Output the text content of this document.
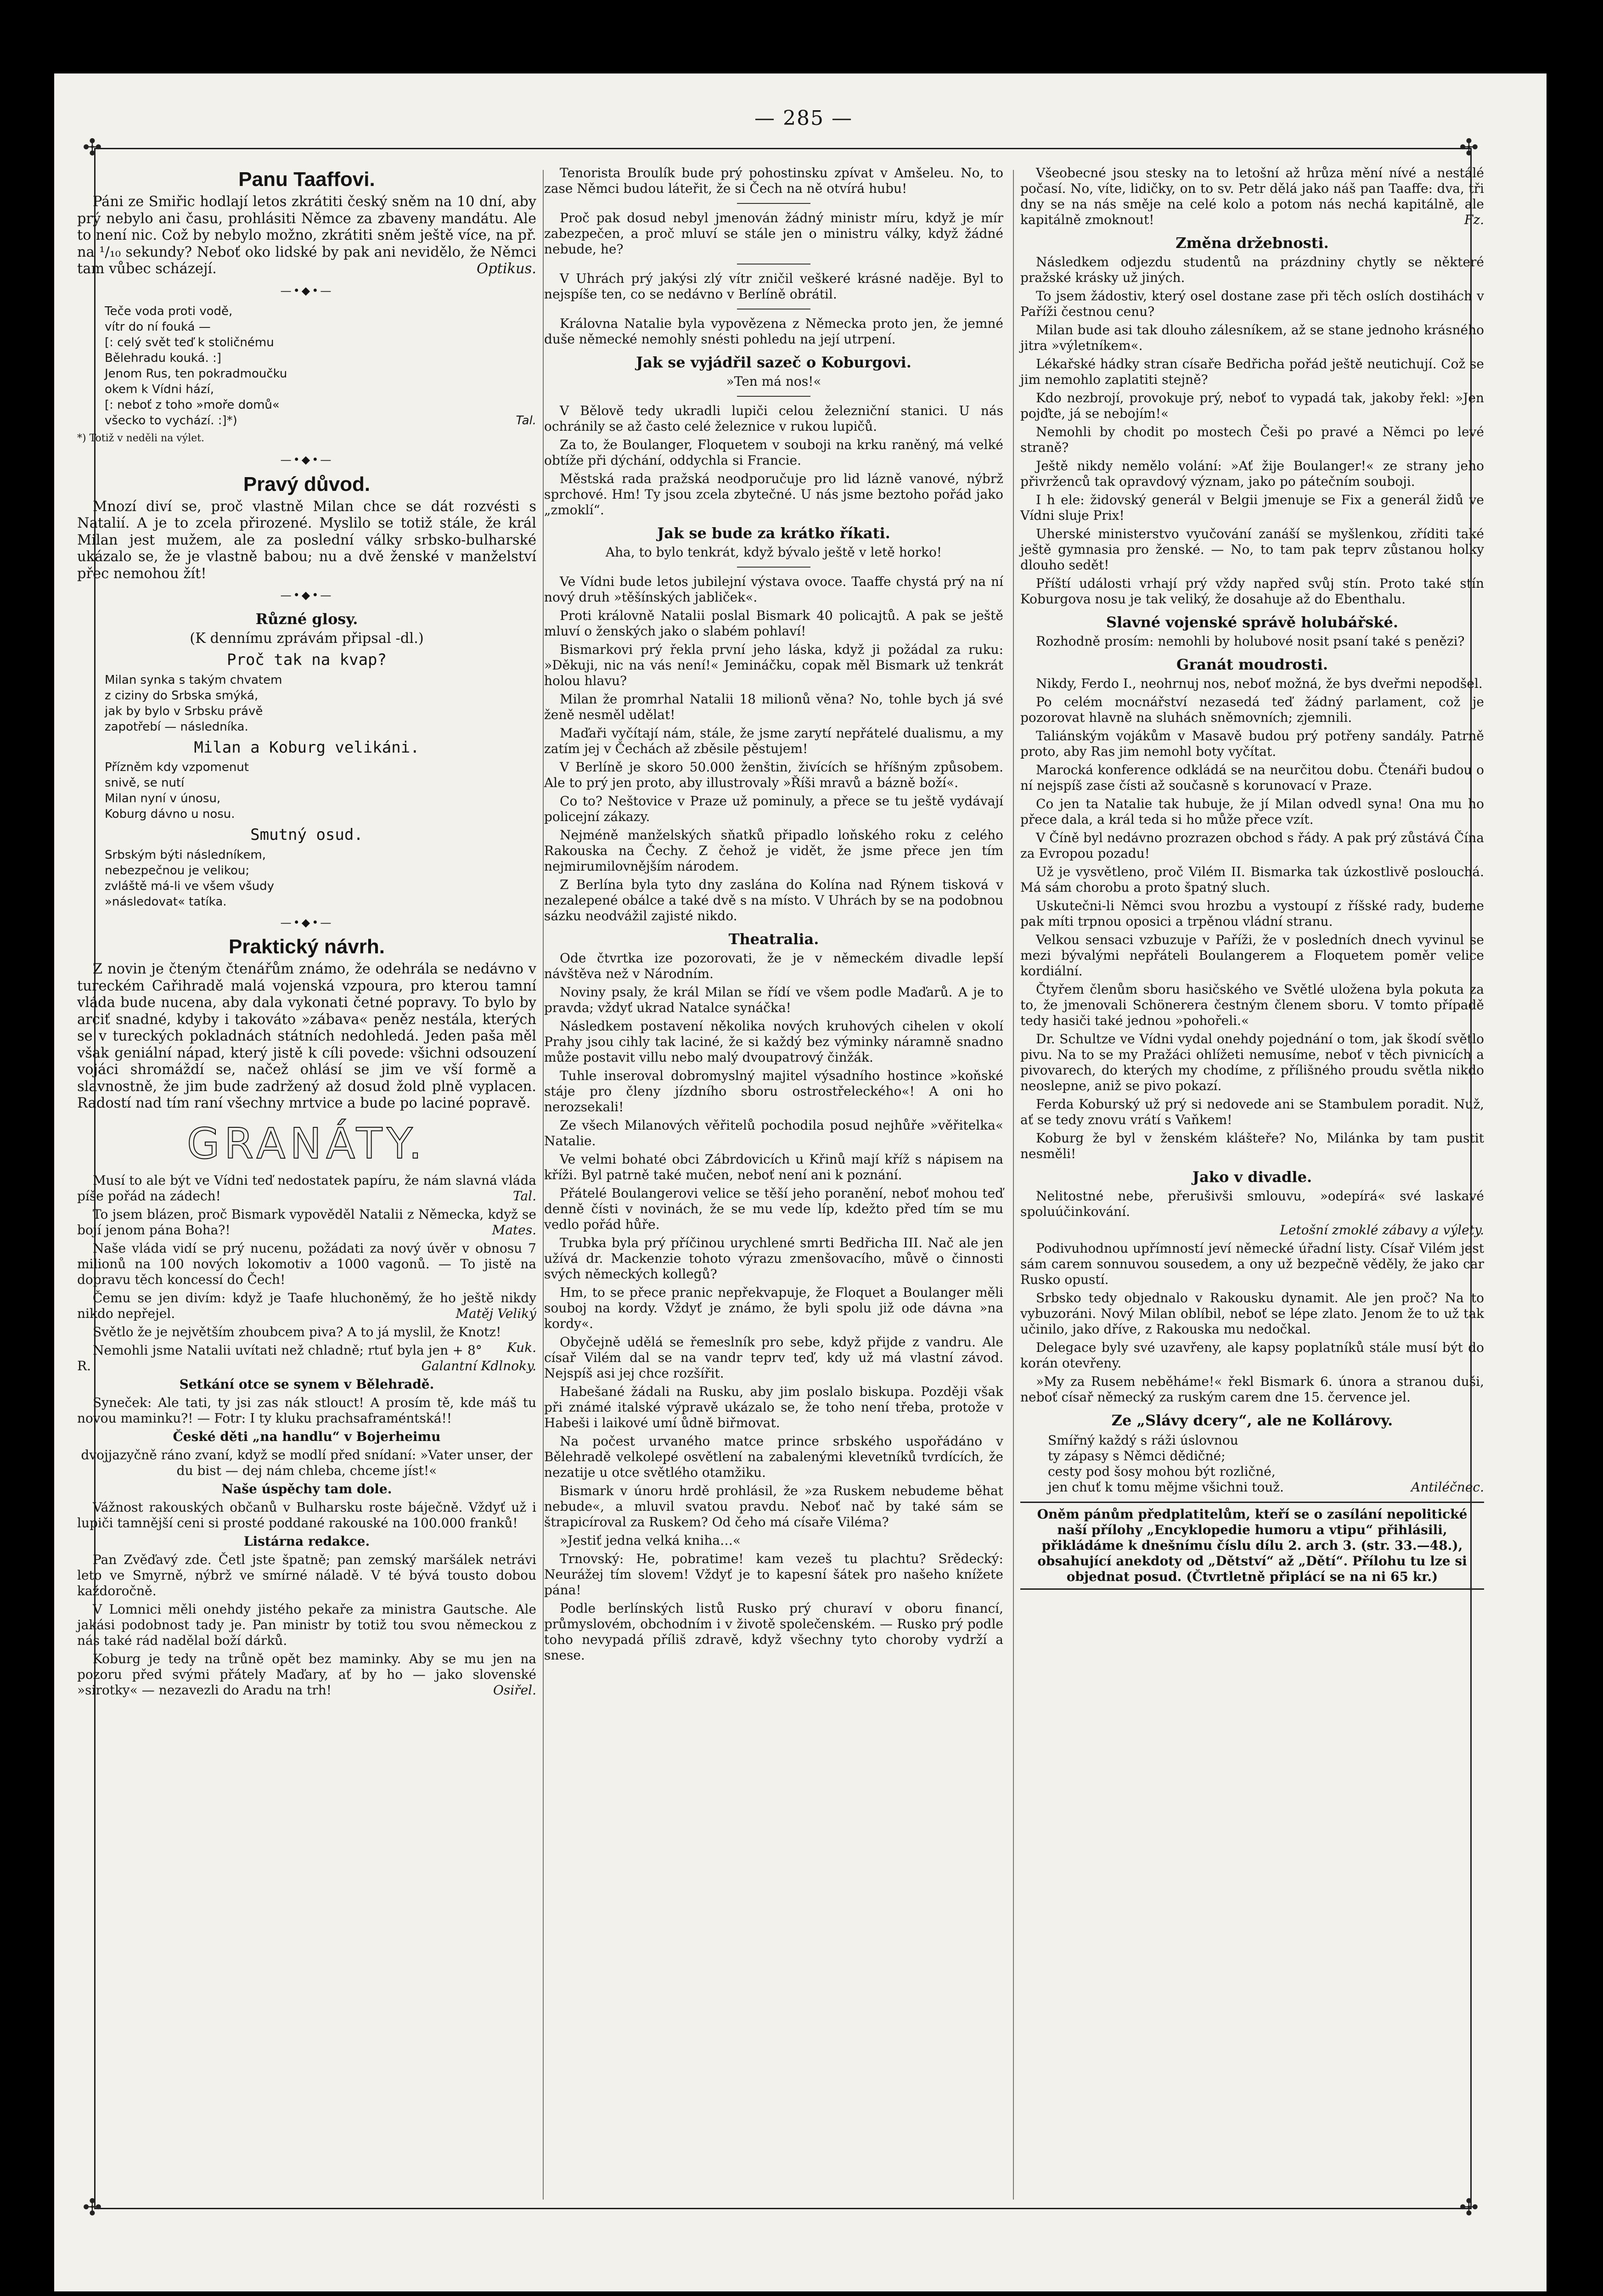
— 285 —
✣	✣
✣	✣
Panu Taaffovi.

Páni ze Smiřic hodlají letos zkrátiti český sněm na 10 dní, aby prý nebylo ani času, prohlásiti Němce za zbaveny mandátu. Ale to není nic. Což by nebylo možno, zkrátiti sněm ještě více, na př. na ¹/₁₀ sekundy? Neboť oko lidské by pak ani nevidělo, že Němci tam vůbec scházejí.	Optikus.

—•◆•—
Teče voda proti vodě,
vítr do ní fouká —
[: celý svět teď k stoličnému
Bělehradu kouká. :]
Jenom Rus, ten pokradmoučku
okem k Vídni hází,
[: neboť z toho »moře domů«
všecko to vychází. :]*)	Tal.
*) Totiž v neděli na výlet.
—•◆•—
Pravý důvod.

Mnozí diví se, proč vlastně Milan chce se dát rozvésti s Natalií. A je to zcela přirozené. Myslilo se totiž stále, že král Milan jest mužem, ale za poslední války srbsko-bulharské ukázalo se, že je vlastně babou; nu a dvě ženské v manželství přec nemohou žít!

—•◆•—
Různé glosy.

(K dennímu zprávám připsal -dl.)

Proč tak na kvap?
Milan synka s takým chvatem
z ciziny do Srbska smýká,
jak by bylo v Srbsku právě
zapotřebí — následníka.
Milan a Koburg velikáni.
Přízněm kdy vzpomenut
snivě, se nutí
Milan nyní v únosu,
Koburg dávno u nosu.
Smutný osud.
Srbským býti následníkem,
nebezpečnou je velikou;
zvláště má-li ve všem všudy
»následovat« tatíka.
—•◆•—
Praktický návrh.

Z novin je čteným čtenářům známo, že odehrála se nedávno v tureckém Cařihradě malá vojenská vzpoura, pro kterou tamní vláda bude nucena, aby dala vykonati četné popravy. To bylo by arciť snadné, kdyby i takováto »zábava« peněz nestála, kterých se v tureckých pokladnách státních nedohledá. Jeden paša měl však geniální nápad, který jistě k cíli povede: všichni odsouzení vojáci shromáždí se, načež ohlásí se jim ve vší formě a slavnostně, že jim bude zadržený až dosud žold plně vyplacen. Radostí nad tím raní všechny mrtvice a bude po laciné popravě.

GRANÁTY.

Musí to ale být ve Vídni teď nedostatek papíru, že nám slavná vláda píše pořád na zádech!	Tal.

To jsem blázen, proč Bismark vypověděl Natalii z Německa, když se bojí jenom pána Boha?!	Mates.

Naše vláda vidí se prý nucenu, požádati za nový úvěr v obnosu 7 milionů na 100 nových lokomotiv a 1000 vagonů. — To jistě na dopravu těch koncessí do Čech!

Čemu se jen divím: když je Taafe hluchoněmý, že ho ještě nikdy nikdo nepřejel.	Matěj Veliký

Světlo že je největším zhoubcem piva? A to já myslil, že Knotz!
Kuk.

Nemohli jsme Natalii uvítati než chladně; rtuť byla jen + 8° R.	Galantní Kdlnoky.

Setkání otce se synem v Bělehradě.

Syneček: Ale tati, ty jsi zas nák stlouct! A prosím tě, kde máš tu novou maminku?! — Fotr: I ty kluku prachsaframéntská!!

České děti „na handlu“ v Bojerheimu

dvojjazyčně ráno zvaní, když se modlí před snídaní: »Vater unser, der du bist — dej nám chleba, chceme jíst!«

Naše úspěchy tam dole.

Vážnost rakouských občanů v Bulharsku roste báječně. Vždyť už i lupiči tamnější ceni si prosté poddané rakouské na 100.000 franků!

Listárna redakce.

Pan Zvěďavý zde. Četl jste špatně; pan zemský maršálek netrávi leto ve Smyrně, nýbrž ve smírné náladě. V té bývá tousto dobou každoročně.

V Lomnici měli onehdy jistého pekaře za ministra Gautsche. Ale jakási podobnost tady je. Pan ministr by totiž tou svou německou z nás také rád nadělal boží dárků.

Koburg je tedy na trůně opět bez maminky. Aby se mu jen na pozoru před svými přátely Maďary, ať by ho — jako slovenské »sirotky« — nezavezli do Aradu na trh!	Osiřel.

Tenorista Broulík bude prý pohostinsku zpívat v Amšeleu. No, to zase Němci budou láteřit, že si Čech na ně otvírá hubu!

Proč pak dosud nebyl jmenován žádný ministr míru, když je mír zabezpečen, a proč mluví se stále jen o ministru války, když žádné nebude, he?

V Uhrách prý jakýsi zlý vítr zničil veškeré krásné naděje. Byl to nejspíše ten, co se nedávno v Berlíně obrátil.

Královna Natalie byla vypovězena z Německa proto jen, že jemné duše německé nemohly snésti pohledu na její utrpení.

Jak se vyjádřil sazeč o Koburgovi.

»Ten má nos!«

V Bělově tedy ukradli lupiči celou železniční stanici. U nás ochránily se až často celé železnice v rukou lupičů.

Za to, že Boulanger, Floquetem v souboji na krku raněný, má velké obtíže při dýchání, oddychla si Francie.

Městská rada pražská neodporučuje pro lid lázně vanové, nýbrž sprchové. Hm! Ty jsou zcela zbytečné. U nás jsme beztoho pořád jako „zmoklí“.

Jak se bude za krátko říkati.

Aha, to bylo tenkrát, když bývalo ještě v letě horko!

Ve Vídni bude letos jubilejní výstava ovoce. Taaffe chystá prý na ní nový druh »těšínských jabliček«.

Proti královně Natalii poslal Bismark 40 policajtů. A pak se ještě mluví o ženských jako o slabém pohlaví!

Bismarkovi prý řekla první jeho láska, když ji požádal za ruku: »Děkuji, nic na vás není!« Jemináčku, copak měl Bismark už tenkrát holou hlavu?

Milan že promrhal Natalii 18 milionů věna? No, tohle bych já své ženě nesměl udělat!

Maďaři vyčítají nám, stále, že jsme zarytí nepřátelé dualismu, a my zatím jej v Čechách až zběsile pěstujem!

V Berlíně je skoro 50.000 ženštin, živících se hříšným způsobem. Ale to prý jen proto, aby illustrovaly »Říši mravů a bázně boží«.

Co to? Neštovice v Praze už pominuly, a přece se tu ještě vydávají policejní zákazy.

Nejméně manželských sňatků připadlo loňského roku z celého Rakouska na Čechy. Z čehož je vidět, že jsme přece jen tím nejmirumilovnějším národem.

Z Berlína byla tyto dny zaslána do Kolína nad Rýnem tisková v nezalepené obálce a také dvě s na místo. V Uhrách by se na podobnou sázku neodvážil zajisté nikdo.

Theatralia.

Ode čtvrtka ize pozorovati, že je v německém divadle lepší návštěva než v Národním.

Noviny psaly, že král Milan se řídí ve všem podle Maďarů. A je to pravda; vždyť ukrad Natalce synáčka!

Následkem postavení několika nových kruhových cihelen v okolí Prahy jsou cihly tak laciné, že si každý bez výminky náramně snadno může postavit villu nebo malý dvoupatrový činžák.

Tuhle inseroval dobromyslný majitel výsadního hostince »koňské stáje pro členy jízdního sboru ostrostřeleckého«! A oni ho nerozsekali!

Ze všech Milanových věřitelů pochodila posud nejhůře »věřitelka« Natalie.

Ve velmi bohaté obci Zábrdovicích u Křinů mají kříž s nápisem na kříži. Byl patrně také mučen, neboť není ani k poznání.

Přátelé Boulangerovi velice se těší jeho poranění, neboť mohou teď denně čísti v novinách, že se mu vede líp, kdežto před tím se mu vedlo pořád hůře.

Trubka byla prý příčinou urychlené smrti Bedřicha III. Nač ale jen užívá dr. Mackenzie tohoto výrazu zmenšovacího, můvě o činnosti svých německých kollegů?

Hm, to se přece pranic nepřekvapuje, že Floquet a Boulanger měli souboj na kordy. Vždyť je známo, že byli spolu již ode dávna »na kordy«.

Obyčejně udělá se řemeslník pro sebe, když přijde z vandru. Ale císař Vilém dal se na vandr teprv teď, kdy už má vlastní závod. Nejspíš asi jej chce rozšířit.

Habešané žádali na Rusku, aby jim poslalo biskupa. Později však při známé italské výpravě ukázalo se, že toho není třeba, protože v Habeši i laikové umí ůdně biřmovat.

Na počest urvaného matce prince srbského uspořádáno v Bělehradě velkolepé osvětlení na zabalenými klevetníků tvrdících, že nezatije u otce světlého otamžiku.

Bismark v únoru hrdě prohlásil, že »za Ruskem nebudeme běhat nebude«, a mluvil svatou pravdu. Neboť nač by také sám se štrapicíroval za Ruskem? Od čeho má císaře Viléma?

»Jestiť jedna velká kniha…«

Trnovský: He, pobratime! kam vezeš tu plachtu? Srědecký: Neurážej tím slovem! Vždyť je to kapesní šátek pro našeho knížete pána!

Podle berlínských listů Rusko prý churaví v oboru financí, průmyslovém, obchodním i v životě společenském. — Rusko prý podle toho nevypadá příliš zdravě, když všechny tyto choroby vydrží a snese.

Všeobecné jsou stesky na to letošní až hrůza mění nívé a nestálé počasí. No, víte, lidičky, on to sv. Petr dělá jako náš pan Taaffe: dva, tři dny se na nás směje na celé kolo a potom nás nechá kapitálně, ale kapitálně zmoknout!	Fz.

Změna držebnosti.

Následkem odjezdu studentů na prázdniny chytly se některé pražské krásky už jiných.

To jsem žádostiv, který osel dostane zase při těch oslích dostihách v Paříži čestnou cenu?

Milan bude asi tak dlouho zálesníkem, až se stane jednoho krásného jitra »výletníkem«.

Lékařské hádky stran císaře Bedřicha pořád ještě neutichují. Což se jim nemohlo zaplatiti stejně?

Kdo nezbrojí, provokuje prý, neboť to vypadá tak, jakoby řekl: »Jen pojďte, já se nebojím!«

Nemohli by chodit po mostech Češi po pravé a Němci po levé straně?

Ještě nikdy nemělo volání: »Ať žije Boulanger!« ze strany jeho přivrženců tak opravdový význam, jako po pátečním souboji.

I h ele: židovský generál v Belgii jmenuje se Fix a generál židů ve Vídni sluje Prix!

Uherské ministerstvo vyučování zanáší se myšlenkou, zříditi také ještě gymnasia pro ženské. — No, to tam pak teprv zůstanou holky dlouho sedět!

Příští události vrhají prý vždy napřed svůj stín. Proto také stín Koburgova nosu je tak veliký, že dosahuje až do Ebenthalu.

Slavné vojenské správě holubářské.

Rozhodně prosím: nemohli by holubové nosit psaní také s penězi?

Granát moudrosti.

Nikdy, Ferdo I., neohrnuj nos, neboť možná, že bys dveřmi nepodšel.

Po celém mocnářství nezasedá teď žádný parlament, což je pozorovat hlavně na sluhách sněmovních; zjemnili.

Taliánským vojákům v Masavě budou prý potřeny sandály. Patrně proto, aby Ras jim nemohl boty vyčítat.

Marocká konference odkládá se na neurčitou dobu. Čtenáři budou o ní nejspíš zase čísti až současně s korunovací v Praze.

Co jen ta Natalie tak hubuje, že jí Milan odvedl syna! Ona mu ho přece dala, a král teda si ho může přece vzít.

V Číně byl nedávno prozrazen obchod s řády. A pak prý zůstává Čína za Evropou pozadu!

Už je vysvětleno, proč Vilém II. Bismarka tak úzkostlivě poslouchá. Má sám chorobu a proto špatný sluch.

Uskutečni-li Němci svou hrozbu a vystoupí z říšské rady, budeme pak míti trpnou oposici a trpěnou vládní stranu.

Velkou sensaci vzbuzuje v Paříži, že v posledních dnech vyvinul se mezi bývalými nepřáteli Boulangerem a Floquetem poměr velice kordiální.

Čtyřem členům sboru hasičského ve Světlé uložena byla pokuta za to, že jmenovali Schönerera čestným členem sboru. V tomto případě tedy hasiči také jednou »pohořeli.«

Dr. Schultze ve Vídni vydal onehdy pojednání o tom, jak škodí světlo pivu. Na to se my Pražáci ohlížeti nemusíme, neboť v těch pivnicích a pivovarech, do kterých my chodíme, z přílišného proudu světla nikdo neoslepne, aniž se pivo pokazí.

Ferda Koburský už prý si nedovede ani se Stambulem poradit. Nuž, ať se tedy znovu vrátí s Vaňkem!

Koburg že byl v ženském klášteře? No, Milánka by tam pustit nesměli!

Jako v divadle.

Nelitostné nebe, přerušivši smlouvu, »odepírá« své laskavé spoluúčinkování.

Letošní zmoklé zábavy a výlety.

Podivuhodnou upřímností jeví německé úřadní listy. Císař Vilém jest sám carem sonnuvou sousedem, a ony už bezpečně věděly, že jako car Rusko opustí.

Srbsko tedy objednalo v Rakousku dynamit. Ale jen proč? Na to vybuzoráni. Nový Milan oblíbil, neboť se lépe zlato. Jenom že to už tak učinilo, jako dříve, z Rakouska mu nedočkal.

Delegace byly své uzavřeny, ale kapsy poplatníků stále musí být do korán otevřeny.

»My za Rusem neběháme!« řekl Bismark 6. února a stranou duši, neboť císař německý za ruským carem dne 15. července jel.

Ze „Slávy dcery“, ale ne Kollárovy.
Smířný každý s ráži úslovnou
ty zápasy s Němci dědičné;
cesty pod šosy mohou být rozličné,
jen chuť k tomu mějme všichni touž.	Antiléčnec.
Oněm pánům předplatitelům, kteří se o zasílání nepolitické naší přílohy „Encyklopedie humoru a vtipu“ přihlásili, přikládáme k dnešnímu číslu dílu 2. arch 3. (str. 33.—48.), obsahující anekdoty od „Dětství“ až „Dětí“. Přílohu tu lze si objednat posud. (Čtvrtletně připlácí se na ni 65 kr.)
